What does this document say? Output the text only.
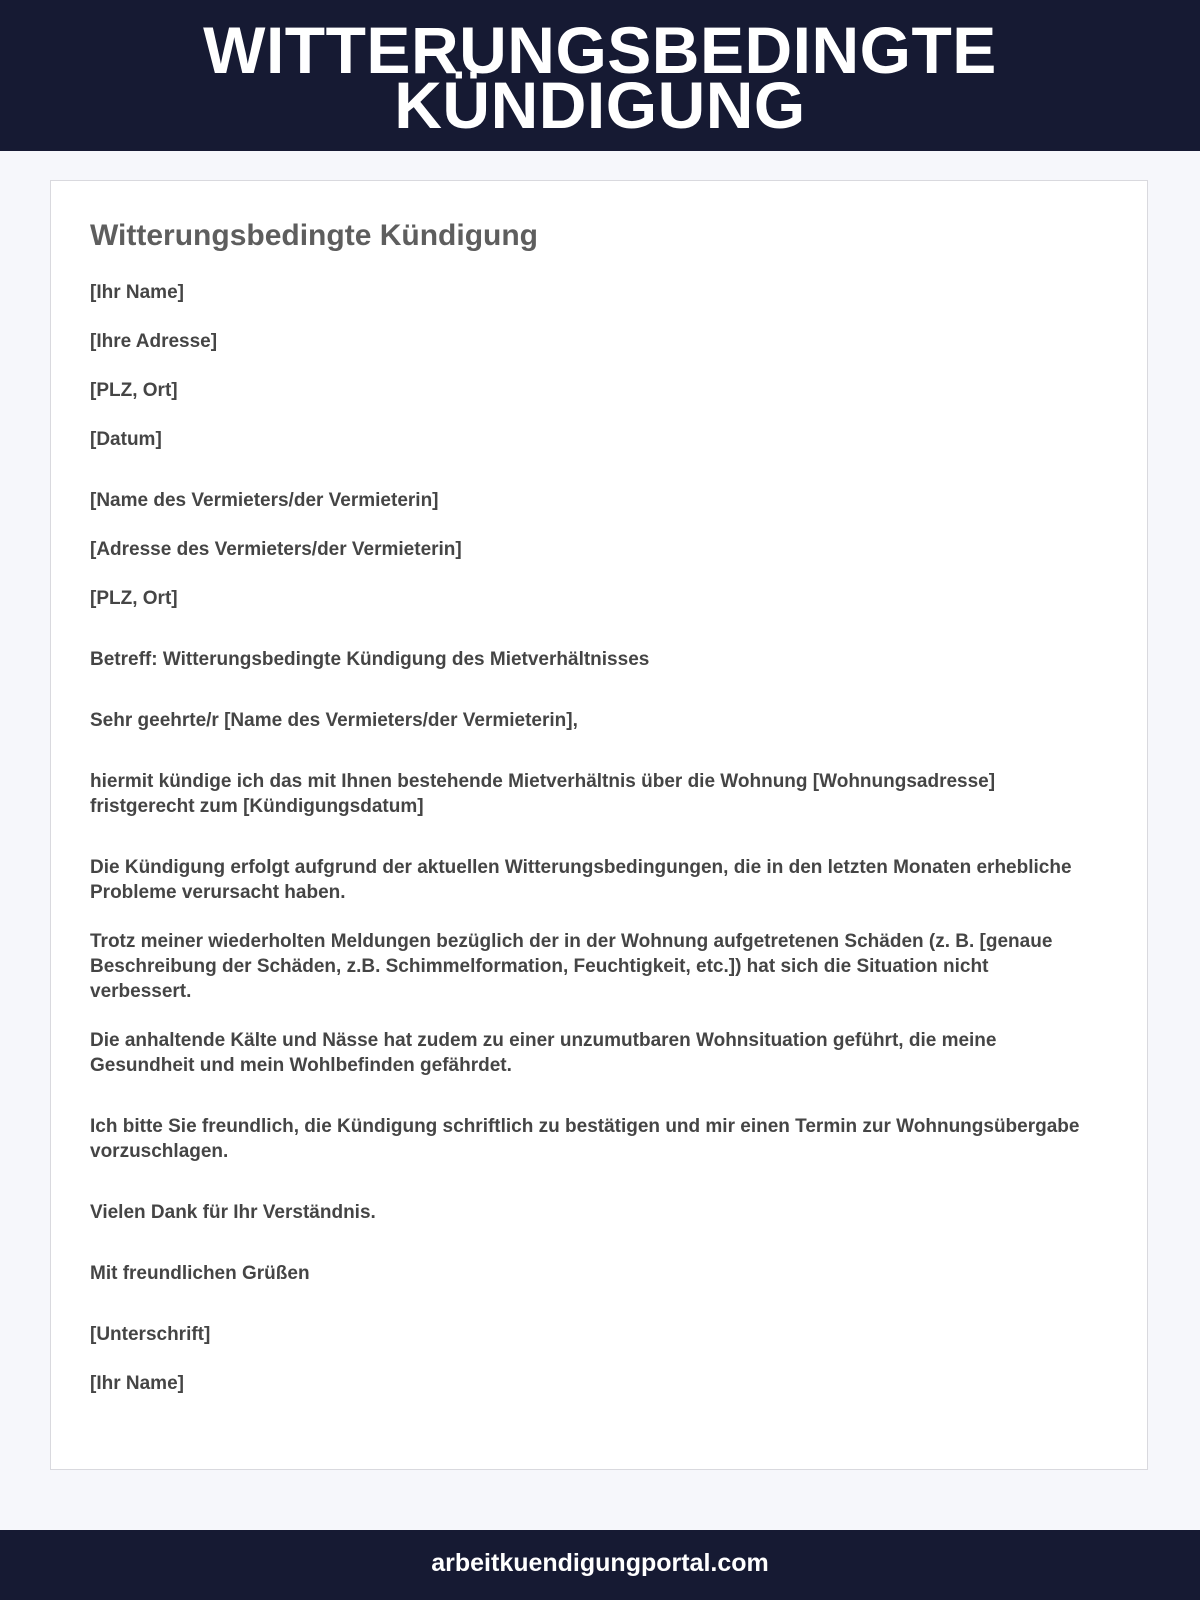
WITTERUNGSBEDINGTE
KÜNDIGUNG
Witterungsbedingte Kündigung

[Ihr Name]

[Ihre Adresse]

[PLZ, Ort]

[Datum]

[Name des Vermieters/der Vermieterin]

[Adresse des Vermieters/der Vermieterin]

[PLZ, Ort]

Betreff: Witterungsbedingte Kündigung des Mietverhältnisses

Sehr geehrte/r [Name des Vermieters/der Vermieterin],

hiermit kündige ich das mit Ihnen bestehende Mietverhältnis über die Wohnung [Wohnungsadresse] fristgerecht zum [Kündigungsdatum]

Die Kündigung erfolgt aufgrund der aktuellen Witterungsbedingungen, die in den letzten Monaten erhebliche Probleme verursacht haben.

Trotz meiner wiederholten Meldungen bezüglich der in der Wohnung aufgetretenen Schäden (z. B. [genaue Beschreibung der Schäden, z.B. Schimmelformation, Feuchtigkeit, etc.]) hat sich die Situation nicht verbessert.

Die anhaltende Kälte und Nässe hat zudem zu einer unzumutbaren Wohnsituation geführt, die meine Gesundheit und mein Wohlbefinden gefährdet.

Ich bitte Sie freundlich, die Kündigung schriftlich zu bestätigen und mir einen Termin zur Wohnungsübergabe vorzuschlagen.

Vielen Dank für Ihr Verständnis.

Mit freundlichen Grüßen

[Unterschrift]

[Ihr Name]

arbeitkuendigungportal.com
